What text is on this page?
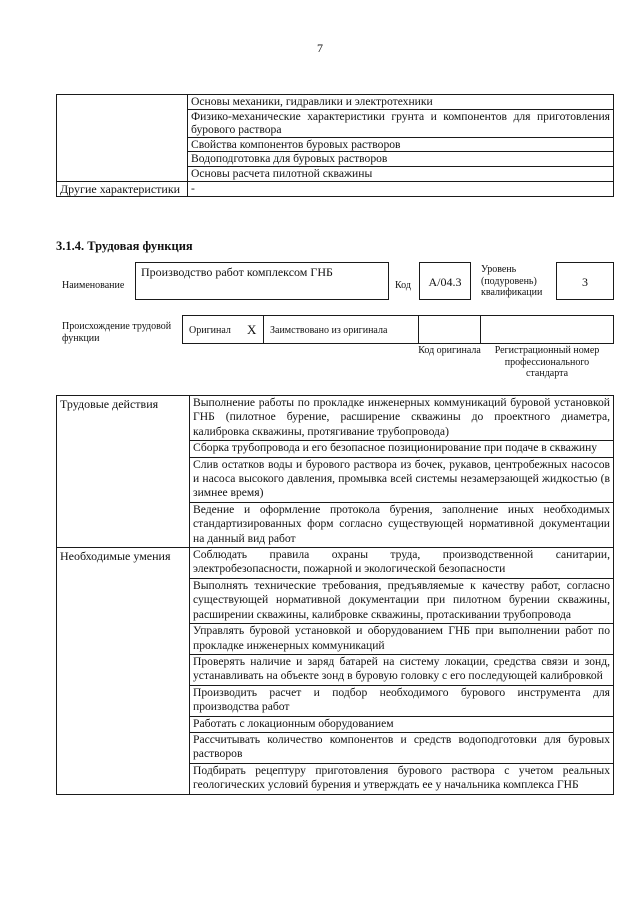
7
	Основы механики, гидравлики и электротехники
	Физико-механические характеристики грунта и компонентов для приготовления бурового раствора
	Свойства компонентов буровых растворов
	Водоподготовка для буровых растворов
	Основы расчета пилотной скважины
Другие характеристики	-
3.1.4. Трудовая функция
Наименование
Производство работ комплексом ГНБ
Код	А/04.3
Уровень (подуровень) квалификации
3
Происхождение трудовой функции
Оригинал X Заимствовано из оригинала
Код оригинала	Регистрационный номер профессионального стандарта
Трудовые действия	Выполнение работы по прокладке инженерных коммуникаций буровой установкой ГНБ (пилотное бурение, расширение скважины до проектного диаметра, калибровка скважины, протягивание трубопровода)
	Сборка трубопровода и его безопасное позиционирование при подаче в скважину
	Слив остатков воды и бурового раствора из бочек, рукавов, центробежных насосов и насоса высокого давления, промывка всей системы незамерзающей жидкостью (в зимнее время)
	Ведение и оформление протокола бурения, заполнение иных необходимых стандартизированных форм согласно существующей нормативной документации на данный вид работ
Необходимые умения	Соблюдать правила охраны труда, производственной санитарии, электробезопасности, пожарной и экологической безопасности
	Выполнять технические требования, предъявляемые к качеству работ, согласно существующей нормативной документации при пилотном бурении скважины, расширении скважины, калибровке скважины, протаскивании трубопровода
	Управлять буровой установкой и оборудованием ГНБ при выполнении работ по прокладке инженерных коммуникаций
	Проверять наличие и заряд батарей на систему локации, средства связи и зонд, устанавливать на объекте зонд в буровую головку с его последующей калибровкой
	Производить расчет и подбор необходимого бурового инструмента для производства работ
	Работать с локационным оборудованием
	Рассчитывать количество компонентов и средств водоподготовки для буровых растворов
	Подбирать рецептуру приготовления бурового раствора с учетом реальных геологических условий бурения и утверждать ее у начальника комплекса ГНБ
